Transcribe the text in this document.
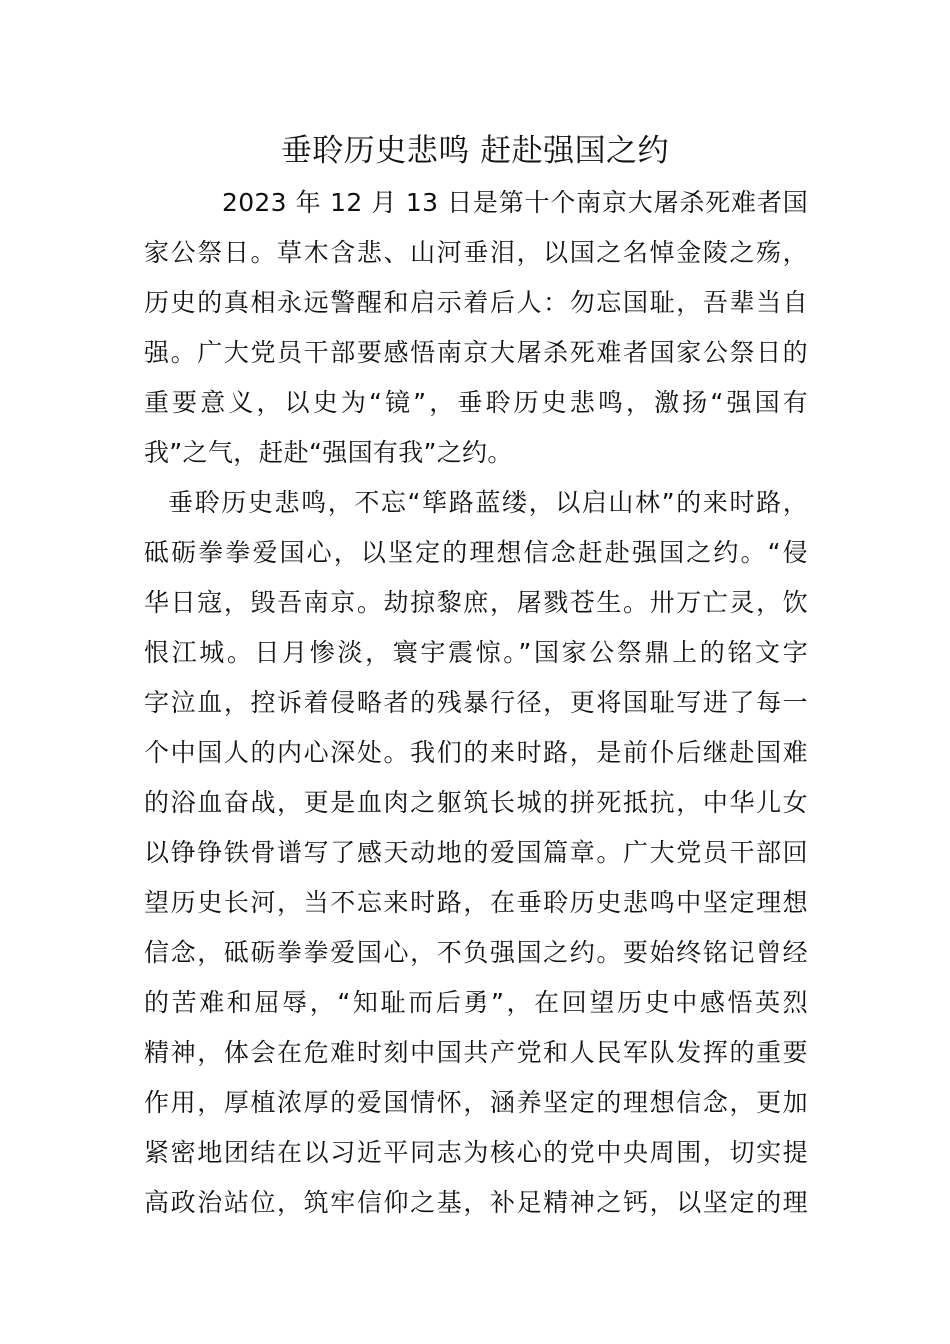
垂聆历史悲鸣 赶赴强国之约
2023 年 12 月 13 日是第十个南京大屠杀死难者国
家公祭日。草木含悲、山河垂泪，以国之名悼金陵之殇，
历史的真相永远警醒和启示着后人：勿忘国耻，吾辈当自
强。广大党员干部要感悟南京大屠杀死难者国家公祭日的
重要意义，以史为“镜”，垂聆历史悲鸣，激扬“强国有
我”之气，赶赴“强国有我”之约。
垂聆历史悲鸣，不忘“筚路蓝缕，以启山林”的来时路，
砥砺拳拳爱国心，以坚定的理想信念赶赴强国之约。“侵
华日寇，毁吾南京。劫掠黎庶，屠戮苍生。卅万亡灵，饮
恨江城。日月惨淡，寰宇震惊。”国家公祭鼎上的铭文字
字泣血，控诉着侵略者的残暴行径，更将国耻写进了每一
个中国人的内心深处。我们的来时路，是前仆后继赴国难
的浴血奋战，更是血肉之躯筑长城的拼死抵抗，中华儿女
以铮铮铁骨谱写了感天动地的爱国篇章。广大党员干部回
望历史长河，当不忘来时路，在垂聆历史悲鸣中坚定理想
信念，砥砺拳拳爱国心，不负强国之约。要始终铭记曾经
的苦难和屈辱，“知耻而后勇”，在回望历史中感悟英烈
精神，体会在危难时刻中国共产党和人民军队发挥的重要
作用，厚植浓厚的爱国情怀，涵养坚定的理想信念，更加
紧密地团结在以习近平同志为核心的党中央周围，切实提
高政治站位，筑牢信仰之基，补足精神之钙，以坚定的理
